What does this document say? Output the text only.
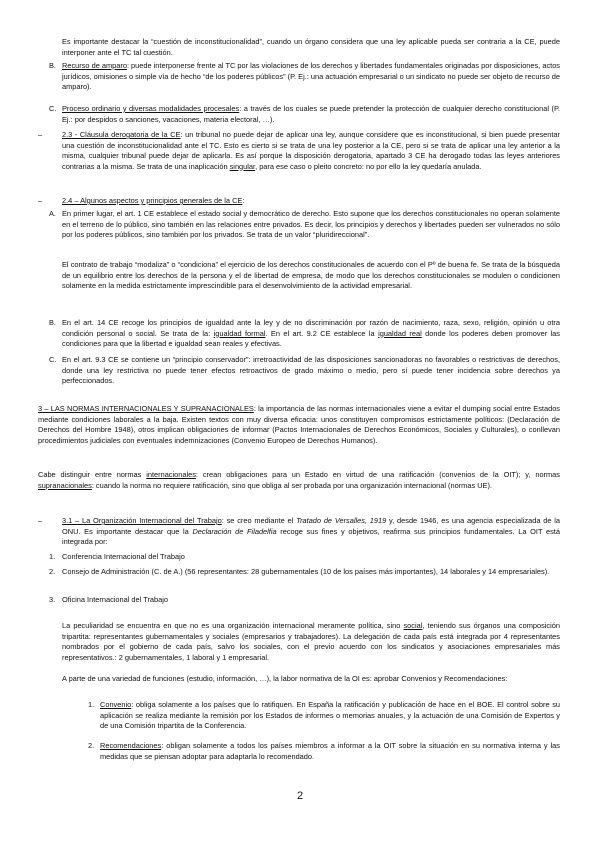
Es importante destacar la “cuestión de inconstitucionalidad”, cuando un órgano considera que una ley aplicable pueda ser contraria a la CE, puede interponer ante el TC tal cuestión.
B. Recurso de amparo: puede interponerse frente al TC por las violaciones de los derechos y libertades fundamentales originadas por disposiciones, actos jurídicos, omisiones o simple vía de hecho “de los poderes públicos” (P. Ej.: una actuación empresarial o un sindicato no puede ser objeto de recurso de amparo).
C. Proceso ordinario y diversas modalidades procesales: a través de los cuales se puede pretender la protección de cualquier derecho constitucional (P. Ej.: por despidos o sanciones, vacaciones, materia electoral, …).
–	2.3 - Cláusula derogatoria de la CE: un tribunal no puede dejar de aplicar una ley, aunque considere que es inconstitucional, si bien puede presentar una cuestión de inconstitucionalidad ante el TC. Esto es cierto si se trata de una ley posterior a la CE, pero si se trata de aplicar una ley anterior a la misma, cualquier tribunal puede dejar de aplicarla. Es así porque la disposición derogatoria, apartado 3 CE ha derogado todas las leyes anteriores contrarias a la misma. Se trata de una inaplicación singular, para ese caso o pleito concreto: no por ello la ley quedaría anulada.
–	2.4 – Algunos aspectos y principios generales de la CE:
A. En primer lugar, el art. 1 CE establece el estado social y democrático de derecho. Esto supone que los derechos constitucionales no operan solamente en el terreno de lo público, sino también en las relaciones entre privados. Es decir, los principios y derechos y libertades pueden ser vulnerados no sólo por los poderes públicos, sino también por los privados. Se trata de un valor “pluridireccional”.
El contrato de trabajo “modaliza” o “condiciona” el ejercicio de los derechos constitucionales de acuerdo con el Pº de buena fe. Se trata de la búsqueda de un equilibrio entre los derechos de la persona y el de libertad de empresa, de modo que los derechos constitucionales se modulen o condicionen solamente en la medida estrictamente imprescindible para el desenvolvimiento de la actividad empresarial.
B. En el art. 14 CE recoge los principios de igualdad ante la ley y de no discriminación por razón de nacimiento, raza, sexo, religión, opinión u otra condición personal o social. Se trata de la: igualdad formal. En el art. 9.2 CE establece la igualdad real donde los poderes deben promover las condiciones para que la libertad e igualdad sean reales y efectivas.
C. En el art. 9.3 CE se contiene un “principio conservador”: irretroactividad de las disposiciones sancionadoras no favorables o restrictivas de derechos, donde una ley restrictiva no puede tener efectos retroactivos de grado máximo o medio, pero sí puede tener incidencia sobre derechos ya perfeccionados.
3 – LAS NORMAS INTERNACIONALES Y SUPRANACIONALES: la importancia de las normas internacionales viene a evitar el dumping social entre Estados mediante condiciones laborales a la baja. Existen textos con muy diversa eficacia: unos constituyen compromisos estrictamente políticos: (Declaración de Derechos del Hombre 1948), otros implican obligaciones de informar (Pactos Internacionales de Derechos Económicos, Sociales y Culturales), o conllevan procedimientos judiciales con eventuales indemnizaciones (Convenio Europeo de Derechos Humanos).
Cabe distinguir entre normas internacionales: crean obligaciones para un Estado en virtud de una ratificación (convenios de la OIT); y, normas supranacionales: cuando la norma no requiere ratificación, sino que obliga al ser probada por una organización internacional (normas UE).
–	3.1 – La Organización Internacional del Trabajo: se creo mediante el Tratado de Versalles, 1919 y, desde 1946, es una agencia especializada de la ONU. Es importante destacar que la Declaración de Filadelfia recoge sus fines y objetivos, reafirma sus principios fundamentales. La OIT está integrada por:
1. Conferencia Internacional del Trabajo
2. Consejo de Administración (C. de A.) (56 representantes: 28 gubernamentales (10 de los países más importantes), 14 laborales y 14 empresariales).
3. Oficina Internacional del Trabajo
La peculiaridad se encuentra en que no es una organización internacional meramente política, sino social, teniendo sus órganos una composición tripartita: representantes gubernamentales y sociales (empresarios y trabajadores). La delegación de cada país está integrada por 4 representantes nombrados por el gobierno de cada país, salvo los sociales, con el previo acuerdo con los sindicatos y asociaciones empresariales más representativos.: 2 gubernamentales, 1 laboral y 1 empresarial.
A parte de una variedad de funciones (estudio, información, …), la labor normativa de la OI es: aprobar Convenios y Recomendaciones:
1. Convenio: obliga solamente a los países que lo ratifiquen. En España la ratificación y publicación de hace en el BOE. El control sobre su aplicación se realiza mediante la remisión por los Estados de informes o memorias anuales, y la actuación de una Comisión de Expertos y de una Comisión tripartita de la Conferencia.
2. Recomendaciones: obligan solamente a todos los países miembros a informar a la OIT sobre la situación en su normativa interna y las medidas que se piensan adoptar para adaptarla lo recomendado.
2
